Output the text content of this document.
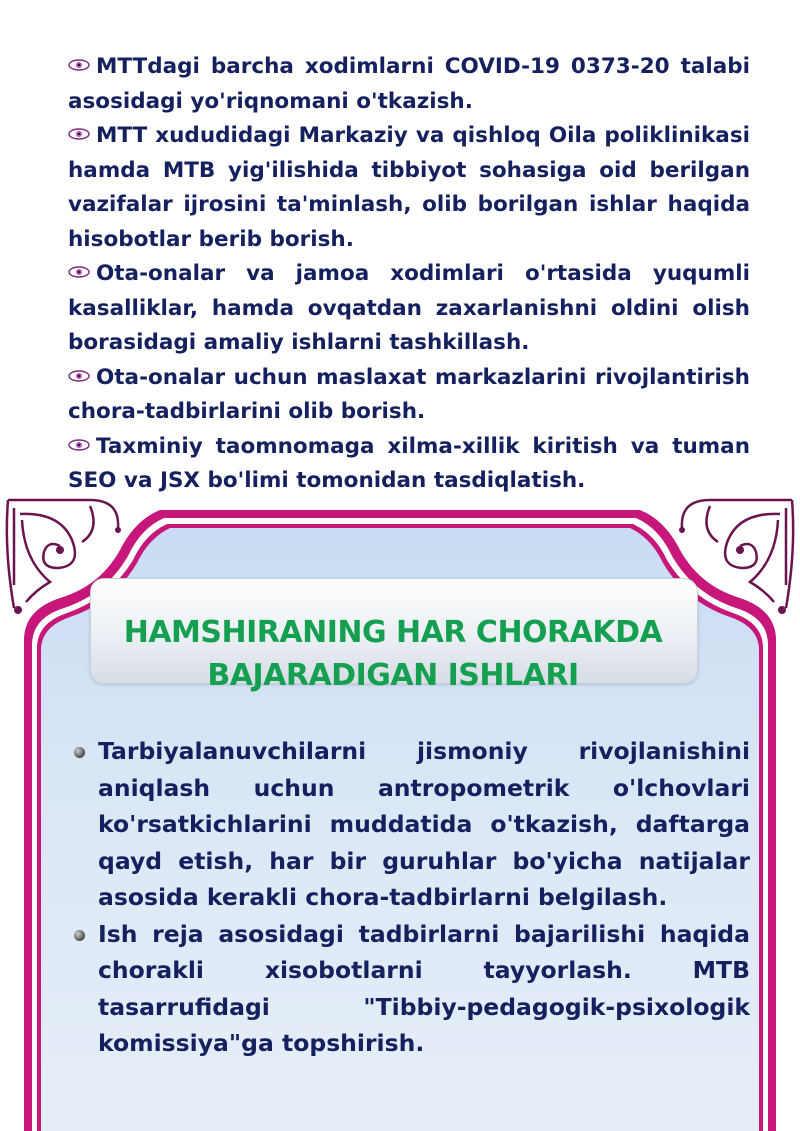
MTTdagi barcha xodimlarni COVID-19 0373-20 talabi asosidagi yo'riqnomani o'tkazish.
MTT xududidagi Markaziy va qishloq Oila poliklinikasi hamda MTB yig'ilishida tibbiyot sohasiga oid berilgan vazifalar ijrosini ta'minlash, olib borilgan ishlar haqida hisobotlar berib borish.
Ota-onalar va jamoa xodimlari o'rtasida yuqumli kasalliklar, hamda ovqatdan zaxarlanishni oldini olish borasidagi amaliy ishlarni tashkillash.
Ota-onalar uchun maslaxat markazlarini rivojlantirish chora-tadbirlarini olib borish.
Taxminiy taomnomaga xilma-xillik kiritish va tuman SEO va JSX bo'limi tomonidan tasdiqlatish.
HAMSHIRANING HAR CHORAKDA
BAJARADIGAN ISHLARI
Tarbiyalanuvchilarni jismoniy rivojlanishini aniqlash uchun antropometrik o'lchovlari ko'rsatkichlarini muddatida o'tkazish, daftarga qayd etish, har bir guruhlar bo'yicha natijalar asosida kerakli chora-tadbirlarni belgilash.
Ish reja asosidagi tadbirlarni bajarilishi haqida chorakli xisobotlarni tayyorlash. MTB tasarrufidagi "Tibbiy-pedagogik-psixologik komissiya"ga topshirish.
